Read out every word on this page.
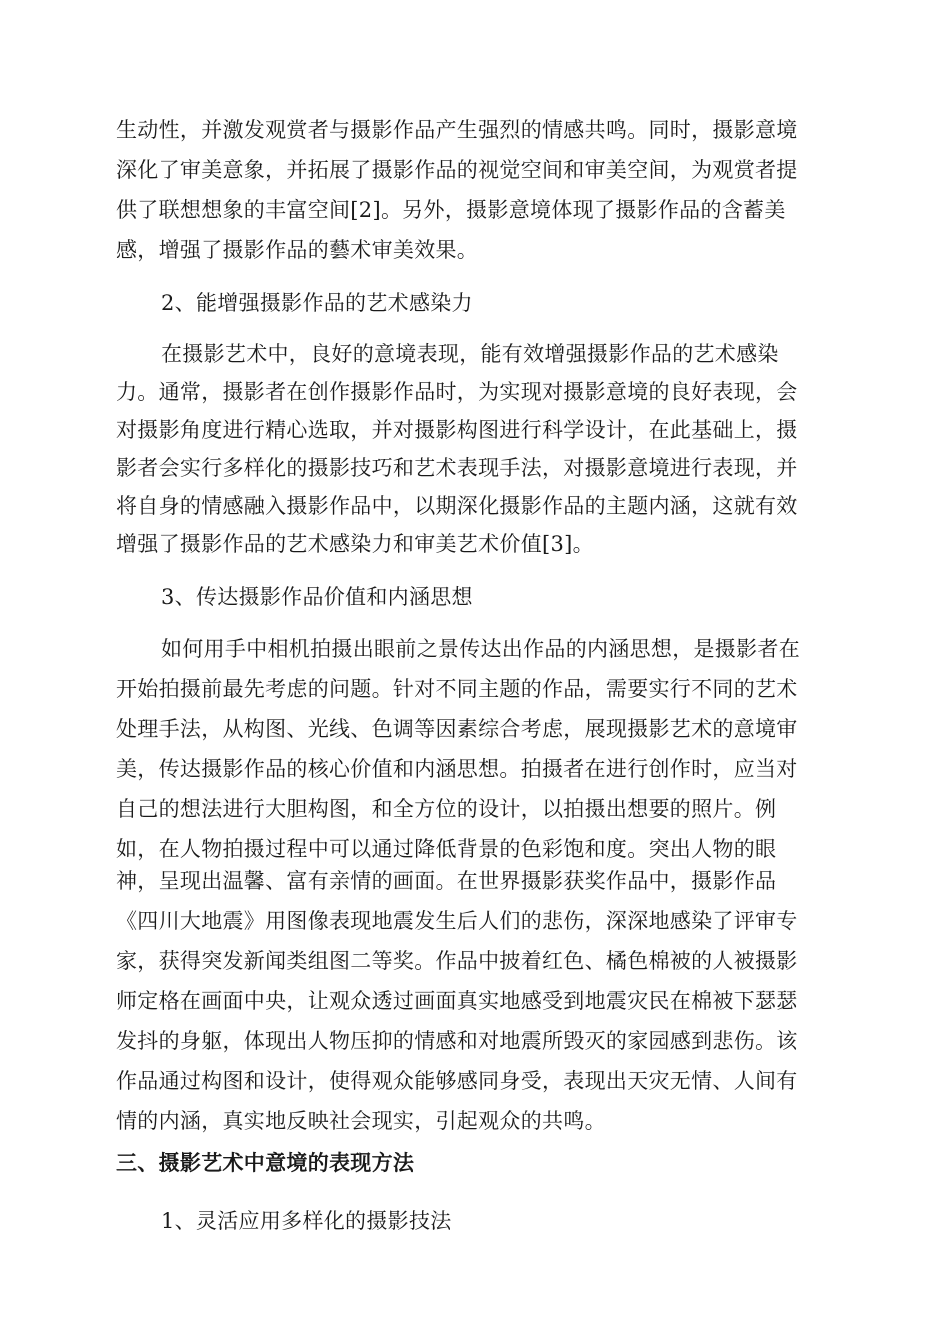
生动性，并激发观赏者与摄影作品产生强烈的情感共鸣。同时，摄影意境
深化了审美意象，并拓展了摄影作品的视觉空间和审美空间，为观赏者提
供了联想想象的丰富空间[2]。另外，摄影意境体现了摄影作品的含蓄美
感，增强了摄影作品的藝术审美效果。
2、能增强摄影作品的艺术感染力
在摄影艺术中，良好的意境表现，能有效增强摄影作品的艺术感染
力。通常，摄影者在创作摄影作品时，为实现对摄影意境的良好表现，会
对摄影角度进行精心选取，并对摄影构图进行科学设计，在此基础上，摄
影者会实行多样化的摄影技巧和艺术表现手法，对摄影意境进行表现，并
将自身的情感融入摄影作品中，以期深化摄影作品的主题内涵，这就有效
增强了摄影作品的艺术感染力和审美艺术价值[3]。
3、传达摄影作品价值和内涵思想
如何用手中相机拍摄出眼前之景传达出作品的内涵思想，是摄影者在
开始拍摄前最先考虑的问题。针对不同主题的作品，需要实行不同的艺术
处理手法，从构图、光线、色调等因素综合考虑，展现摄影艺术的意境审
美，传达摄影作品的核心价值和内涵思想。拍摄者在进行创作时，应当对
自己的想法进行大胆构图，和全方位的设计，以拍摄出想要的照片。例
如，在人物拍摄过程中可以通过降低背景的色彩饱和度。突出人物的眼
神，呈现出温馨、富有亲情的画面。在世界摄影获奖作品中，摄影作品
《四川大地震》用图像表现地震发生后人们的悲伤，深深地感染了评审专
家，获得突发新闻类组图二等奖。作品中披着红色、橘色棉被的人被摄影
师定格在画面中央，让观众透过画面真实地感受到地震灾民在棉被下瑟瑟
发抖的身躯，体现出人物压抑的情感和对地震所毁灭的家园感到悲伤。该
作品通过构图和设计，使得观众能够感同身受，表现出天灾无情、人间有
情的内涵，真实地反映社会现实，引起观众的共鸣。
三、摄影艺术中意境的表现方法
1、灵活应用多样化的摄影技法
